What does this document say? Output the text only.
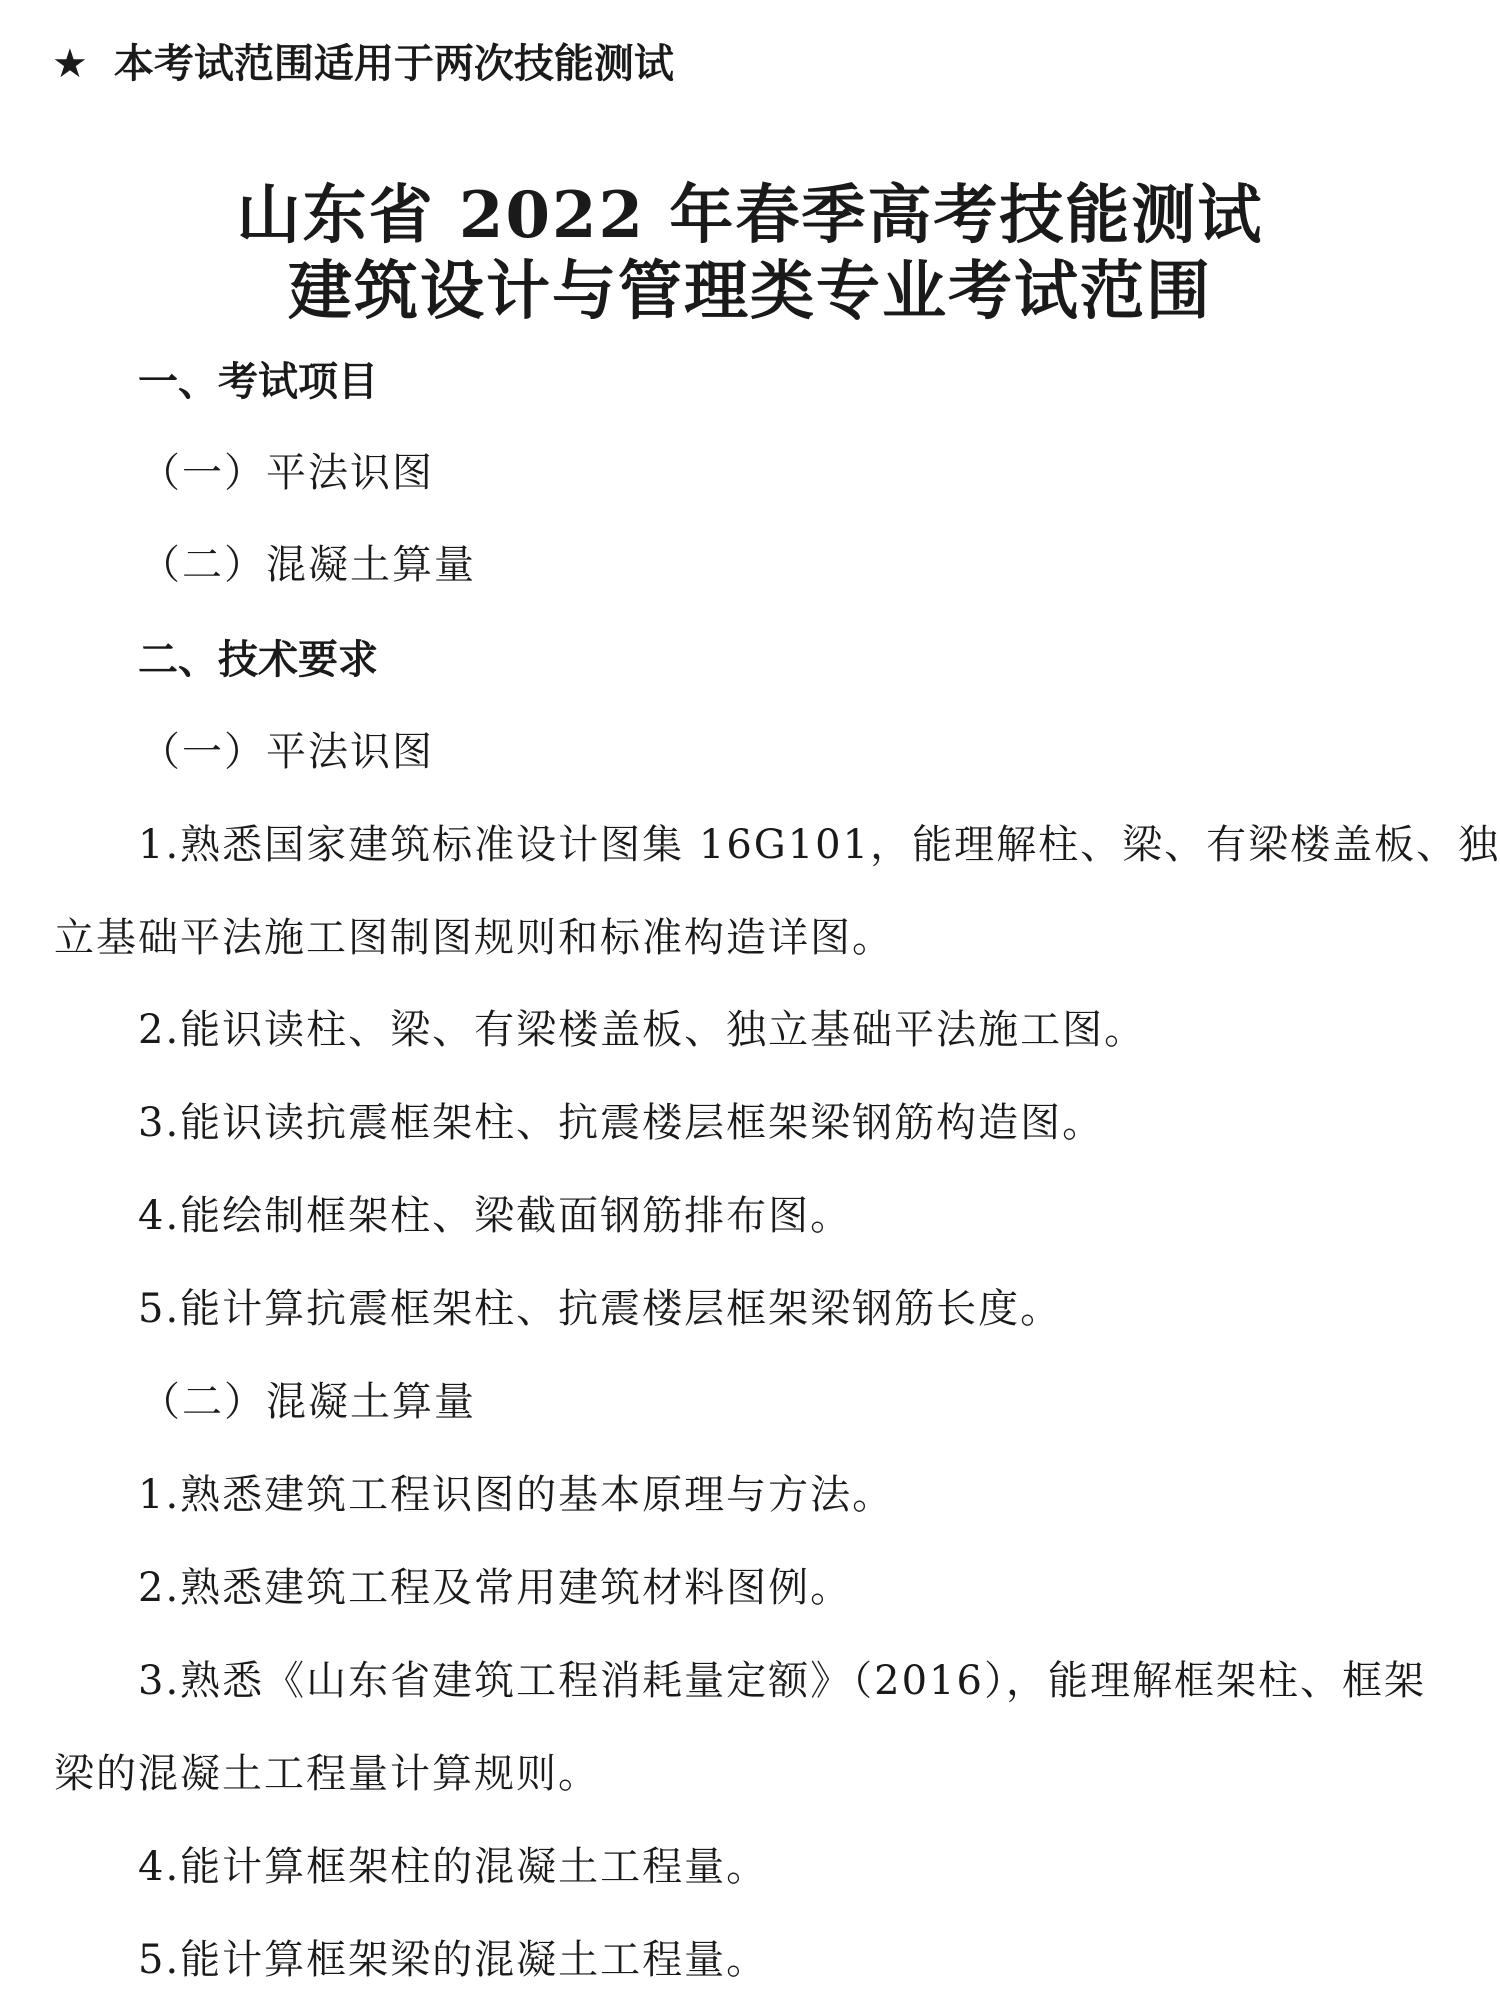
★ 本考试范围适用于两次技能测试
山东省 2022 年春季高考技能测试
建筑设计与管理类专业考试范围
一、考试项目
（一）平法识图
（二）混凝土算量
二、技术要求
（一）平法识图
1.熟悉国家建筑标准设计图集 16G101，能理解柱、梁、有梁楼盖板、独
立基础平法施工图制图规则和标准构造详图。
2.能识读柱、梁、有梁楼盖板、独立基础平法施工图。
3.能识读抗震框架柱、抗震楼层框架梁钢筋构造图。
4.能绘制框架柱、梁截面钢筋排布图。
5.能计算抗震框架柱、抗震楼层框架梁钢筋长度。
（二）混凝土算量
1.熟悉建筑工程识图的基本原理与方法。
2.熟悉建筑工程及常用建筑材料图例。
3.熟悉《山东省建筑工程消耗量定额》（2016），能理解框架柱、框架
梁的混凝土工程量计算规则。
4.能计算框架柱的混凝土工程量。
5.能计算框架梁的混凝土工程量。
